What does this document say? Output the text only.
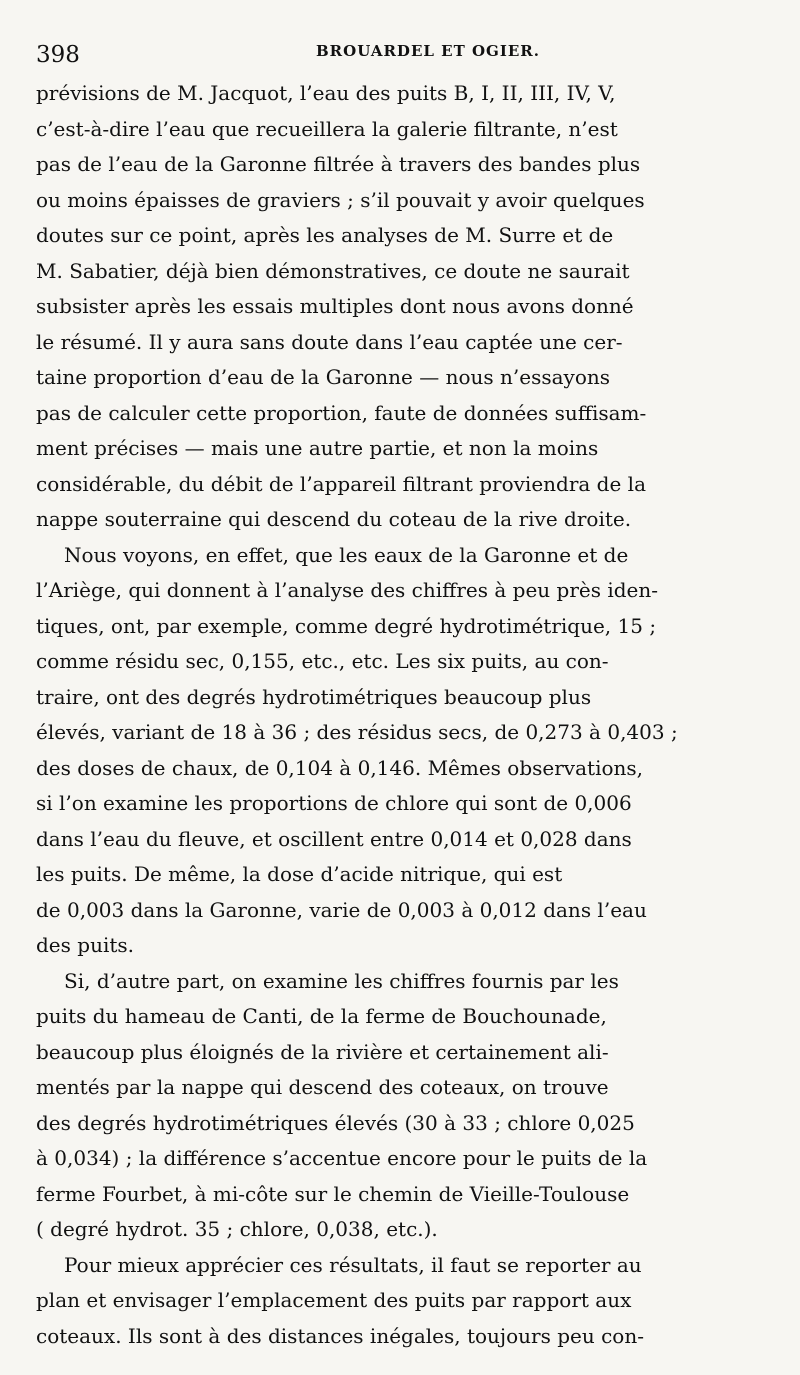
398	BROUARDEL ET OGIER.

prévisions de M. Jacquot, l’eau des puits B, I, II, III, IV, V,
c’est-à-dire l’eau que recueillera la galerie filtrante, n’est
pas de l’eau de la Garonne filtrée à travers des bandes plus
ou moins épaisses de graviers ; s’il pouvait y avoir quelques
doutes sur ce point, après les analyses de M. Surre et de
M. Sabatier, déjà bien démonstratives, ce doute ne saurait
subsister après les essais multiples dont nous avons donné
le résumé. Il y aura sans doute dans l’eau captée une cer-
taine proportion d’eau de la Garonne — nous n’essayons
pas de calculer cette proportion, faute de données suffisam-
ment précises — mais une autre partie, et non la moins
considérable, du débit de l’appareil filtrant proviendra de la
nappe souterraine qui descend du coteau de la rive droite.

Nous voyons, en effet, que les eaux de la Garonne et de
l’Ariège, qui donnent à l’analyse des chiffres à peu près iden-
tiques, ont, par exemple, comme degré hydrotimétrique, 15 ;
comme résidu sec, 0,155, etc., etc. Les six puits, au con-
traire, ont des degrés hydrotimétriques beaucoup plus
élevés, variant de 18 à 36 ; des résidus secs, de 0,273 à 0,403 ;
des doses de chaux, de 0,104 à 0,146. Mêmes observations,
si l’on examine les proportions de chlore qui sont de 0,006
dans l’eau du fleuve, et oscillent entre 0,014 et 0,028 dans
les puits. De même, la dose d’acide nitrique, qui est
de 0,003 dans la Garonne, varie de 0,003 à 0,012 dans l’eau
des puits.

Si, d’autre part, on examine les chiffres fournis par les
puits du hameau de Canti, de la ferme de Bouchounade,
beaucoup plus éloignés de la rivière et certainement ali-
mentés par la nappe qui descend des coteaux, on trouve
des degrés hydrotimétriques élevés (30 à 33 ; chlore 0,025
à 0,034) ; la différence s’accentue encore pour le puits de la
ferme Fourbet, à mi-côte sur le chemin de Vieille-Toulouse
( degré hydrot. 35 ; chlore, 0,038, etc.).

Pour mieux apprécier ces résultats, il faut se reporter au
plan et envisager l’emplacement des puits par rapport aux
coteaux. Ils sont à des distances inégales, toujours peu con-
